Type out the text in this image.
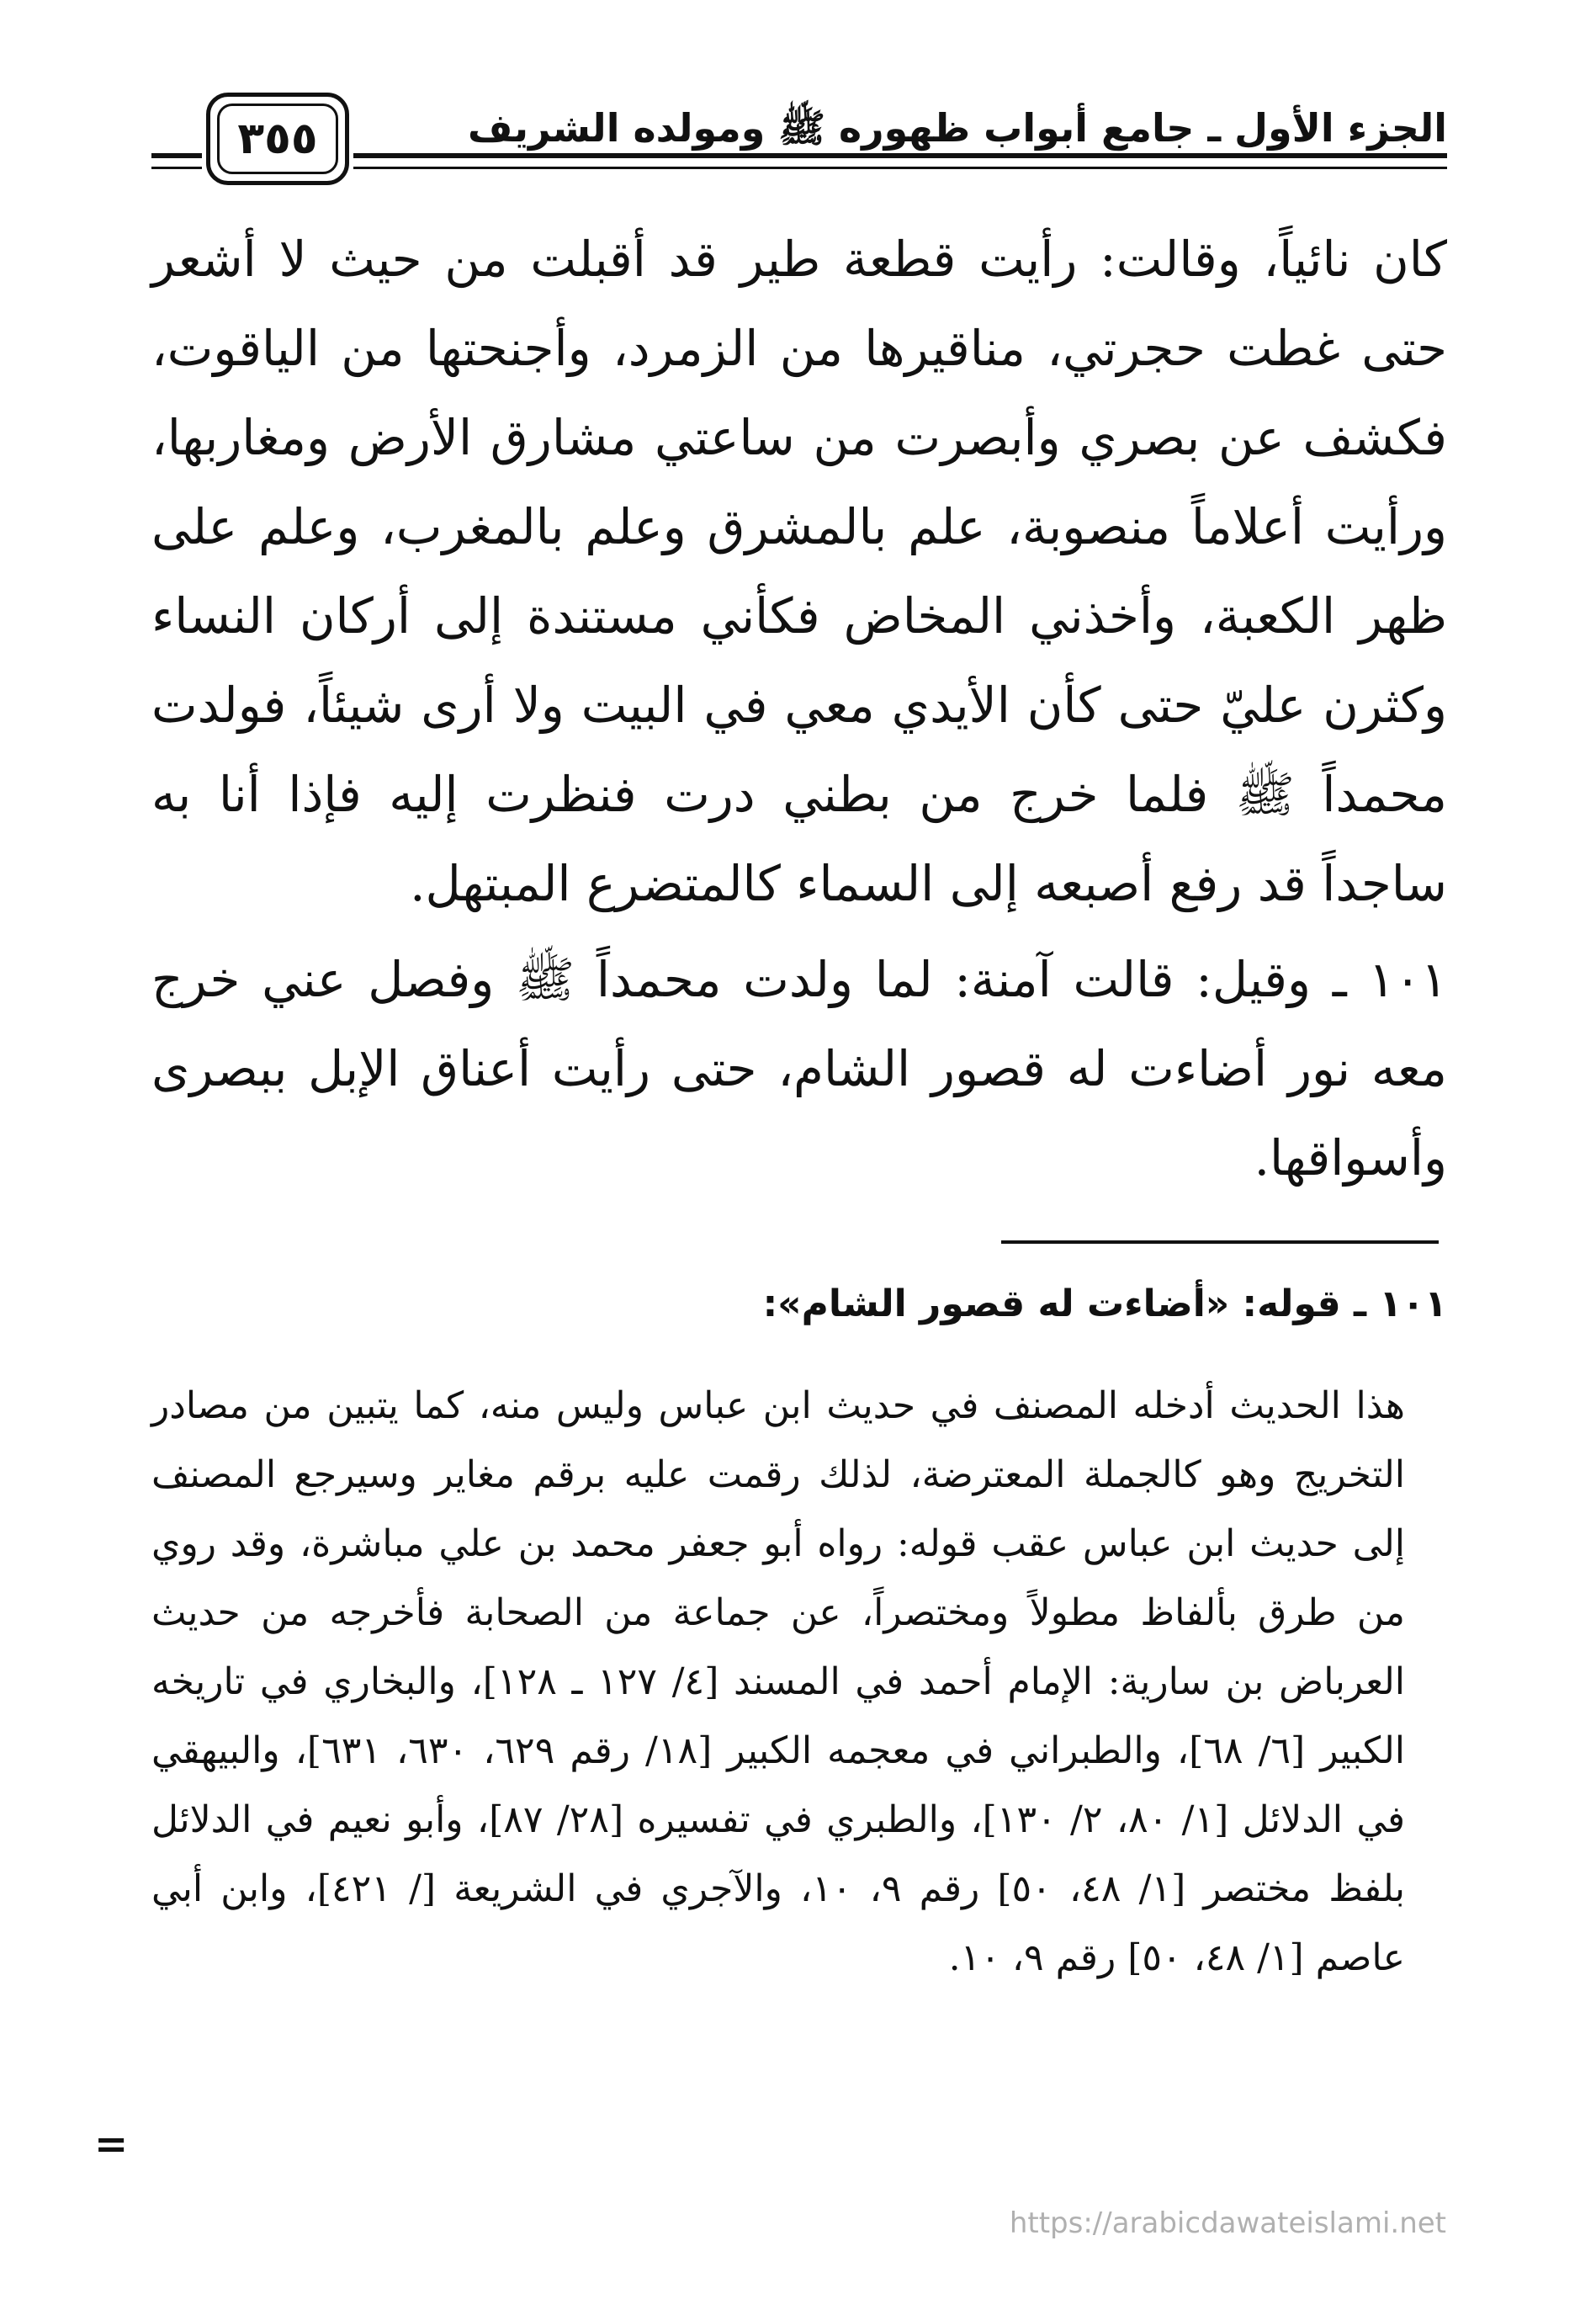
الجزء الأول ـ جامع أبواب ظهوره ﷺ ومولده الشريف
٣٥٥

كان نائياً، وقالت: رأيت قطعة طير قد أقبلت من حيث لا أشعر حتى غطت حجرتي، مناقيرها من الزمرد، وأجنحتها من الياقوت، فكشف عن بصري وأبصرت من ساعتي مشارق الأرض ومغاربها، ورأيت أعلاماً منصوبة، علم بالمشرق وعلم بالمغرب، وعلم على ظهر الكعبة، وأخذني المخاض فكأني مستندة إلى أركان النساء وكثرن عليّ حتى كأن الأيدي معي في البيت ولا أرى شيئاً، فولدت محمداً ﷺ فلما خرج من بطني درت فنظرت إليه فإذا أنا به ساجداً قد رفع أصبعه إلى السماء كالمتضرع المبتهل.

١٠١ ـ وقيل: قالت آمنة: لما ولدت محمداً ﷺ وفصل عني خرج معه نور أضاءت له قصور الشام، حتى رأيت أعناق الإبل ببصرى وأسواقها.

١٠١ ـ قوله: «أضاءت له قصور الشام»:

هذا الحديث أدخله المصنف في حديث ابن عباس وليس منه، كما يتبين من مصادر التخريج وهو كالجملة المعترضة، لذلك رقمت عليه برقم مغاير وسيرجع المصنف إلى حديث ابن عباس عقب قوله: رواه أبو جعفر محمد بن علي مباشرة، وقد روي من طرق بألفاظ مطولاً ومختصراً، عن جماعة من الصحابة فأخرجه من حديث العرباض بن سارية: الإمام أحمد في المسند [٤/ ١٢٧ ـ ١٢٨]، والبخاري في تاريخه الكبير [٦/ ٦٨]، والطبراني في معجمه الكبير [١٨/ رقم ٦٢٩، ٦٣٠، ٦٣١]، والبيهقي في الدلائل [١/ ٨٠، ٢/ ١٣٠]، والطبري في تفسيره [٢٨/ ٨٧]، وأبو نعيم في الدلائل بلفظ مختصر [١/ ٤٨، ٥٠] رقم ٩، ١٠، والآجري في الشريعة [/ ٤٢١]، وابن أبي عاصم [١/ ٤٨، ٥٠] رقم ٩، ١٠.

=
https://arabicdawateislami.net
